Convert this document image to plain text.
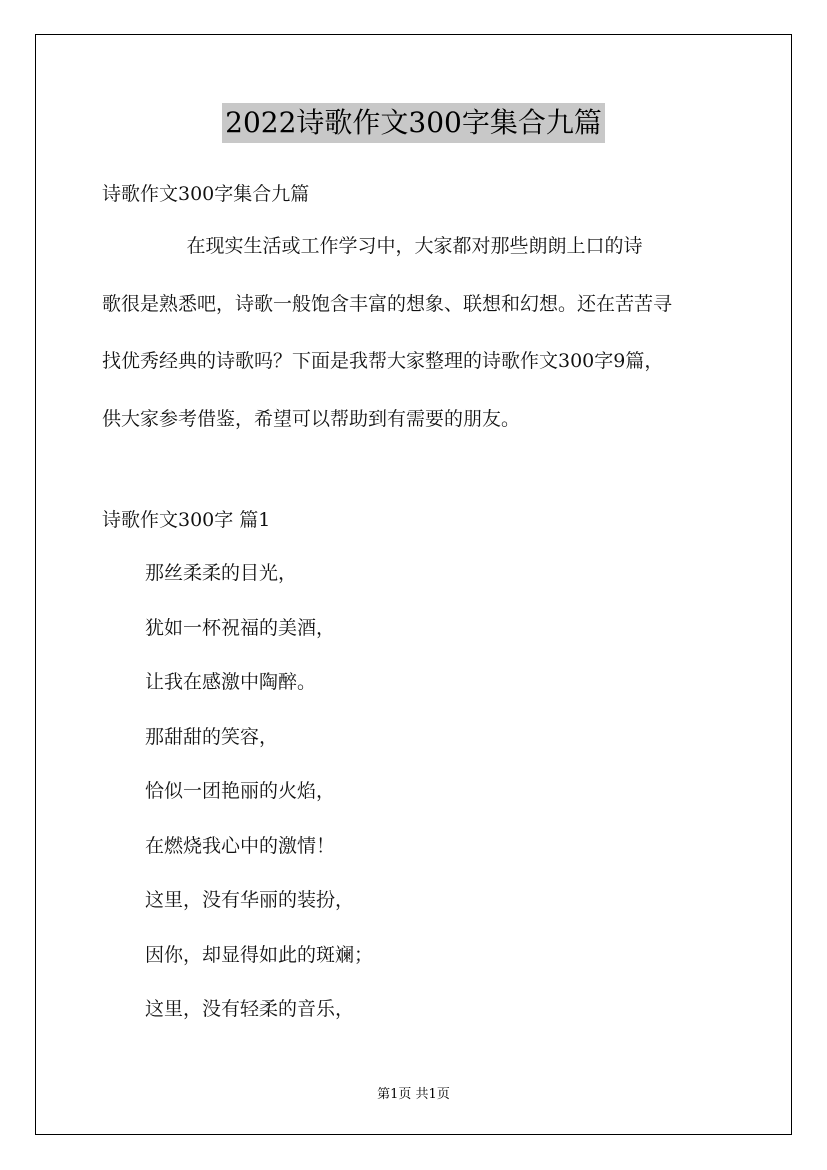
2022诗歌作文300字集合九篇
诗歌作文300字集合九篇
在现实生活或工作学习中，大家都对那些朗朗上口的诗
歌很是熟悉吧，诗歌一般饱含丰富的想象、联想和幻想。还在苦苦寻
找优秀经典的诗歌吗？下面是我帮大家整理的诗歌作文300字9篇，
供大家参考借鉴，希望可以帮助到有需要的朋友。
诗歌作文300字 篇1
那丝柔柔的目光，
犹如一杯祝福的美酒，
让我在感激中陶醉。
那甜甜的笑容，
恰似一团艳丽的火焰，
在燃烧我心中的激情！
这里，没有华丽的装扮，
因你，却显得如此的斑斓；
这里，没有轻柔的音乐，
第1页 共1页
